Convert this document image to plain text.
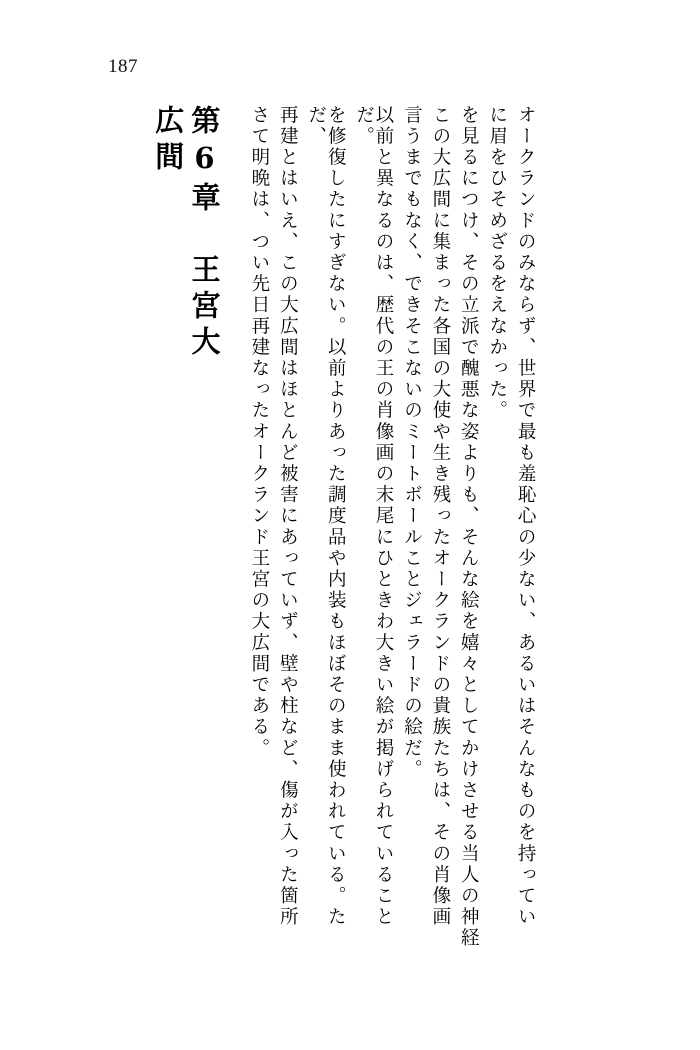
187
第6章　王宮大広間	さて明晩は、つい先日再建なったオークランド王宮の大広間である。 再建とはいえ、この大広間はほとんど被害にあっていず、壁や柱など、傷が入った箇所	を修復したにすぎない。以前よりあった調度品や内装もほぼそのまま使われている。ただ、	以前と異なるのは、歴代の王の肖像画の末尾にひときわ大きい絵が掲げられていることだ。	言うまでもなく、できそこないのミートボールことジェラードの絵だ。 この大広間に集まった各国の大使や生き残ったオークランドの貴族たちは、その肖像画 を見るにつけ、その立派で醜悪な姿よりも、そんな絵を嬉々としてかけさせる当人の神経 に眉をひそめざるをえなかった。 オークランドのみならず、世界で最も羞恥心の少ない、あるいはそんなものを持ってい
